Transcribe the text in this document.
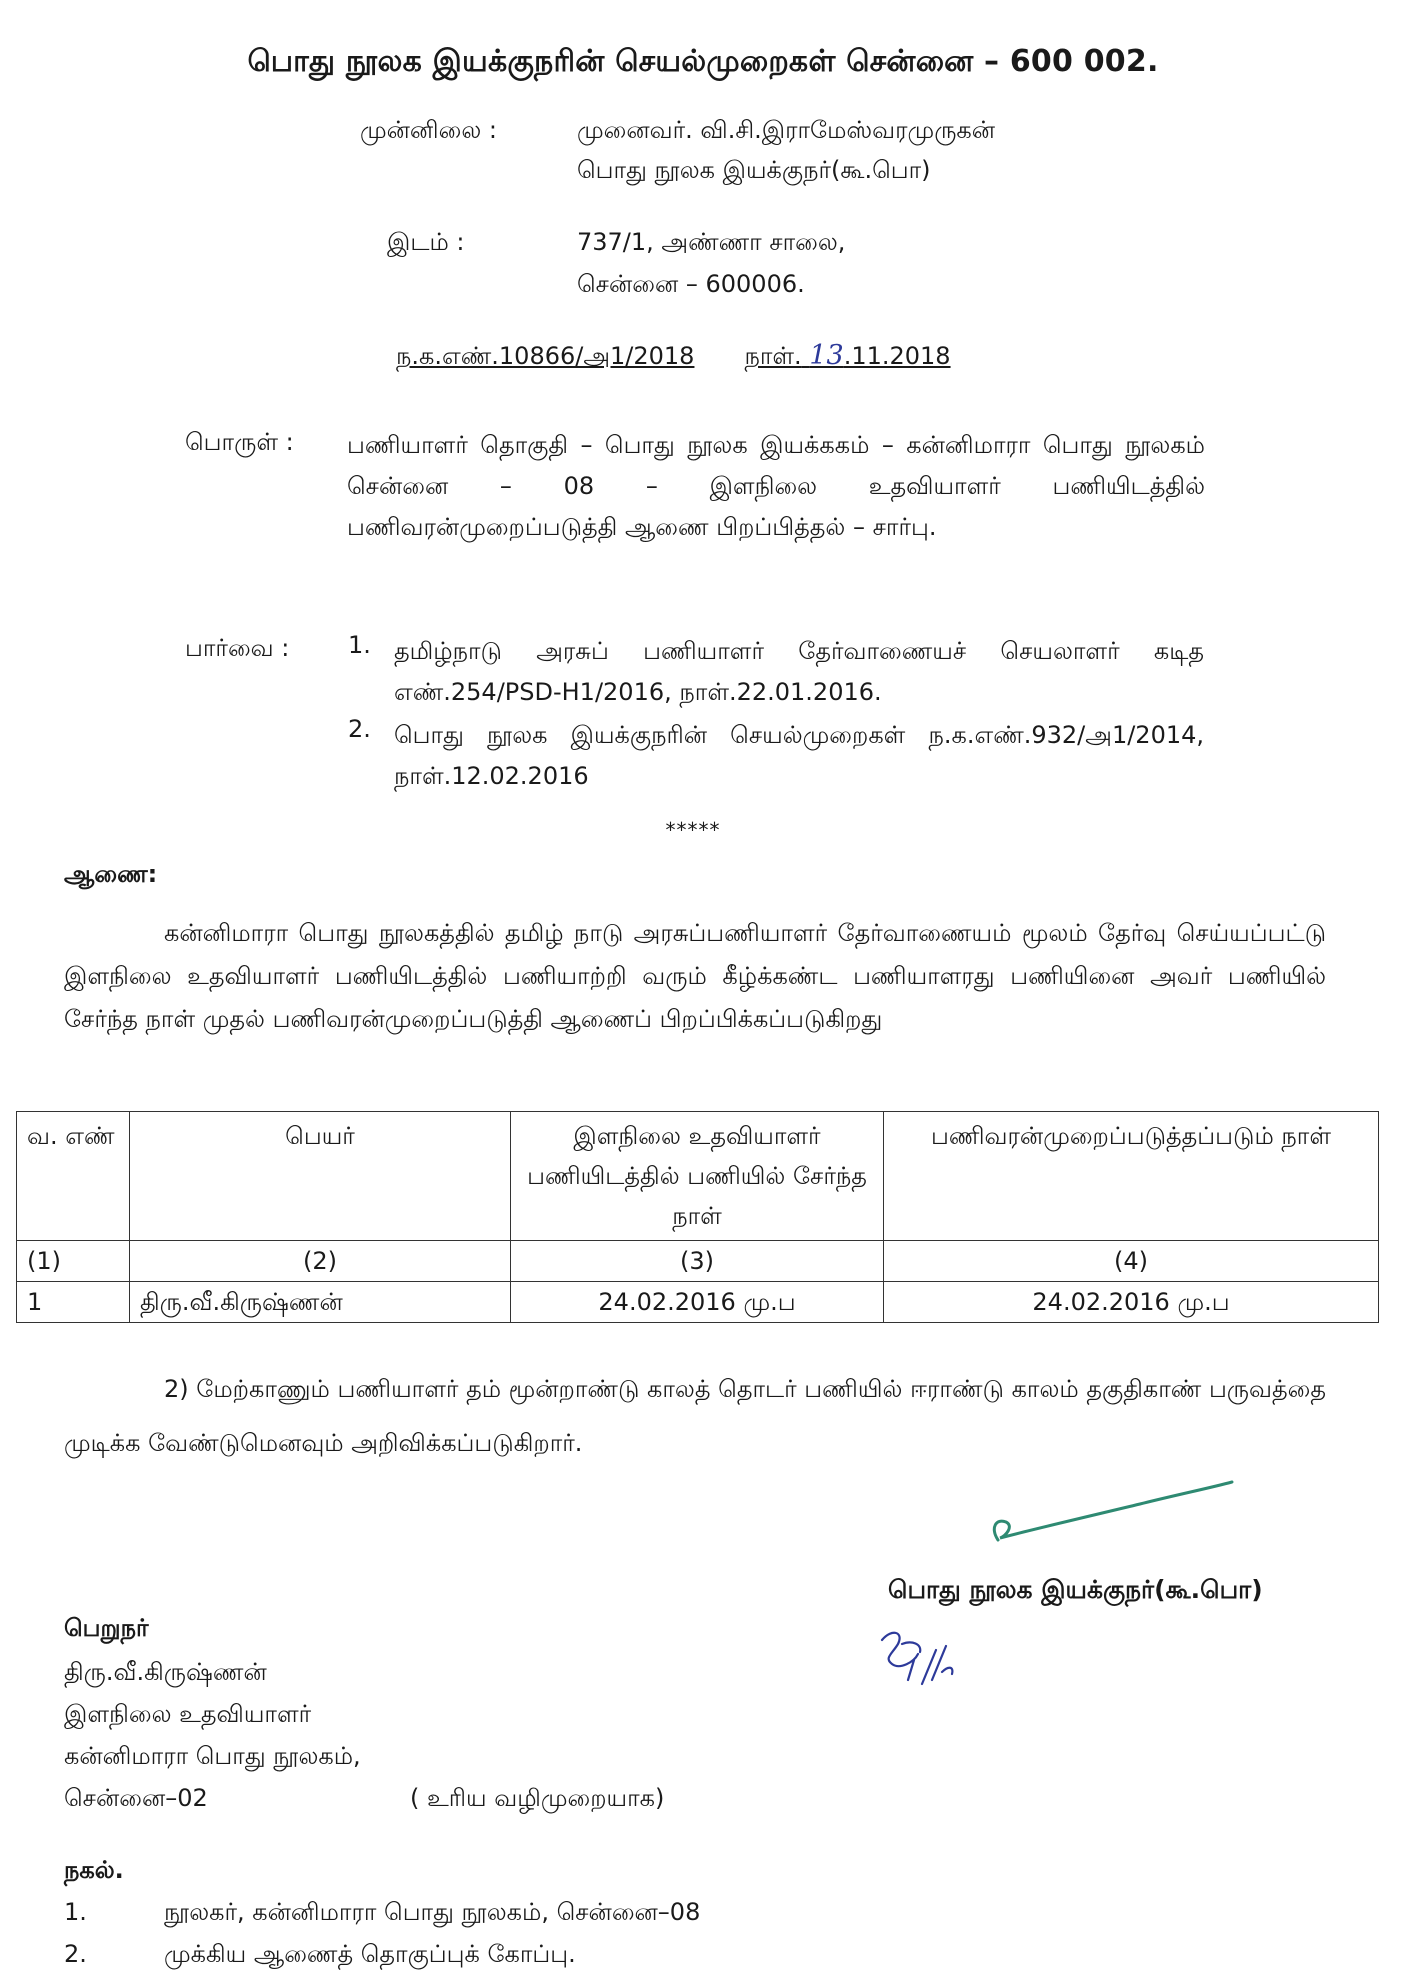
பொது நூலக இயக்குநரின் செயல்முறைகள் சென்னை – 600 002.
முன்னிலை :	முனைவர். வி.சி.இராமேஸ்வரமுருகன்
பொது நூலக இயக்குநர்(கூ.பொ)
இடம் :	737/1, அண்ணா சாலை,
சென்னை – 600006.
ந.க.எண்.10866/அ1/2018 நாள். 13.11.2018
பொருள் : பணியாளர் தொகுதி – பொது நூலக இயக்ககம் – கன்னிமாரா பொது நூலகம் சென்னை – 08 – இளநிலை உதவியாளர் பணியிடத்தில் பணிவரன்முறைப்படுத்தி ஆணை பிறப்பித்தல் – சார்பு.
பார்வை : 1. தமிழ்நாடு அரசுப் பணியாளர் தேர்வாணையச் செயலாளர் கடித எண்.254/PSD-H1/2016, நாள்.22.01.2016.
2. பொது நூலக இயக்குநரின் செயல்முறைகள் ந.க.எண்.932/அ1/2014, நாள்.12.02.2016
*****
ஆணை:
கன்னிமாரா பொது நூலகத்தில் தமிழ் நாடு அரசுப்பணியாளர் தேர்வாணையம் மூலம் தேர்வு செய்யப்பட்டு இளநிலை உதவியாளர் பணியிடத்தில் பணியாற்றி வரும் கீழ்க்கண்ட பணியாளரது பணியினை அவர் பணியில் சேர்ந்த நாள் முதல் பணிவரன்முறைப்படுத்தி ஆணைப் பிறப்பிக்கப்படுகிறது
வ. எண்	பெயர்	இளநிலை உதவியாளர் பணியிடத்தில் பணியில் சேர்ந்த நாள்	பணிவரன்முறைப்படுத்தப்படும் நாள்
(1)	(2)	(3)	(4)
1	திரு.வீ.கிருஷ்ணன்	24.02.2016 மு.ப	24.02.2016 மு.ப
2) மேற்காணும் பணியாளர் தம் மூன்றாண்டு காலத் தொடர் பணியில் ஈராண்டு காலம் தகுதிகாண் பருவத்தை முடிக்க வேண்டுமெனவும் அறிவிக்கப்படுகிறார்.
பொது நூலக இயக்குநர்(கூ.பொ)
பெறுநர்
திரு.வீ.கிருஷ்ணன்
இளநிலை உதவியாளர்
கன்னிமாரா பொது நூலகம்,
சென்னை–02	( உரிய வழிமுறையாக)
நகல்.
1.	நூலகர், கன்னிமாரா பொது நூலகம், சென்னை–08
2.	முக்கிய ஆணைத் தொகுப்புக் கோப்பு.
